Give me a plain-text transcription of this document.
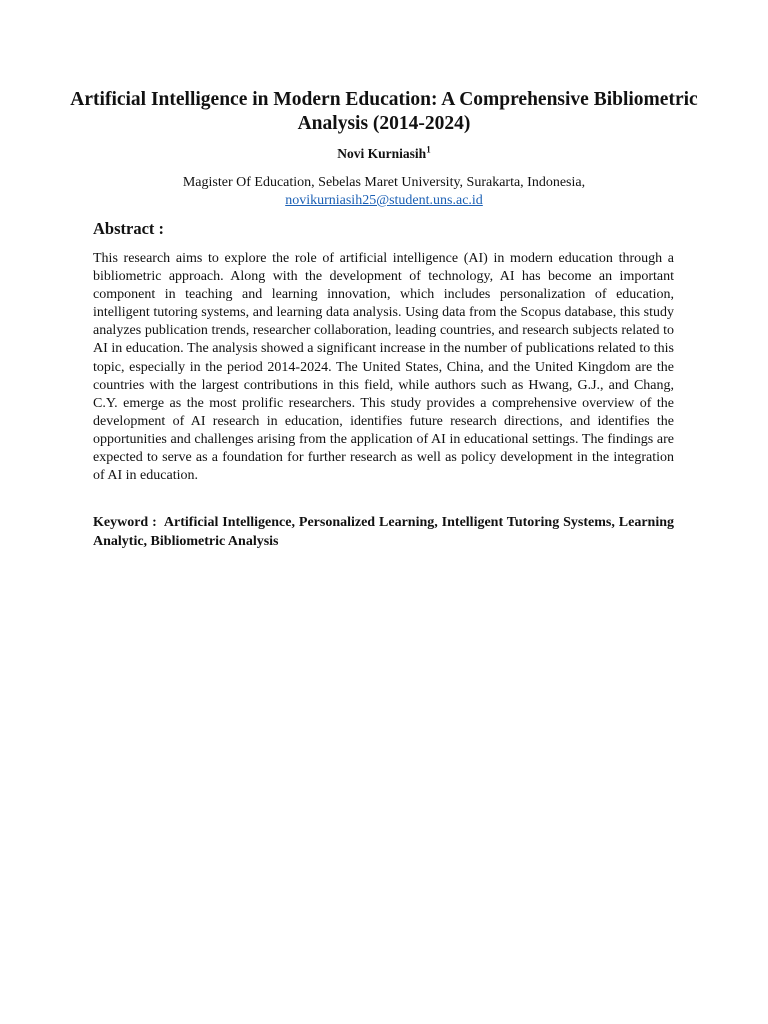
Artificial Intelligence in Modern Education: A Comprehensive Bibliometric Analysis (2014-2024)
Novi Kurniasih$^1$
Magister Of Education, Sebelas Maret University, Surakarta, Indonesia,
novikurniasih25@student.uns.ac.id
Abstract :

This research aims to explore the role of artificial intelligence (AI) in modern education through a bibliometric approach. Along with the development of technology, AI has become an important component in teaching and learning innovation, which includes personalization of education, intelligent tutoring systems, and learning data analysis. Using data from the Scopus database, this study analyzes publication trends, researcher collaboration, leading countries, and research subjects related to AI in education. The analysis showed a significant increase in the number of publications related to this topic, especially in the period 2014-2024. The United States, China, and the United Kingdom are the countries with the largest contributions in this field, while authors such as Hwang, G.J., and Chang, C.Y. emerge as the most prolific researchers. This study provides a comprehensive overview of the development of AI research in education, identifies future research directions, and identifies the opportunities and challenges arising from the application of AI in educational settings. The findings are expected to serve as a foundation for further research as well as policy development in the integration of AI in education.

Keyword : Artificial Intelligence, Personalized Learning, Intelligent Tutoring Systems, Learning Analytic, Bibliometric Analysis
